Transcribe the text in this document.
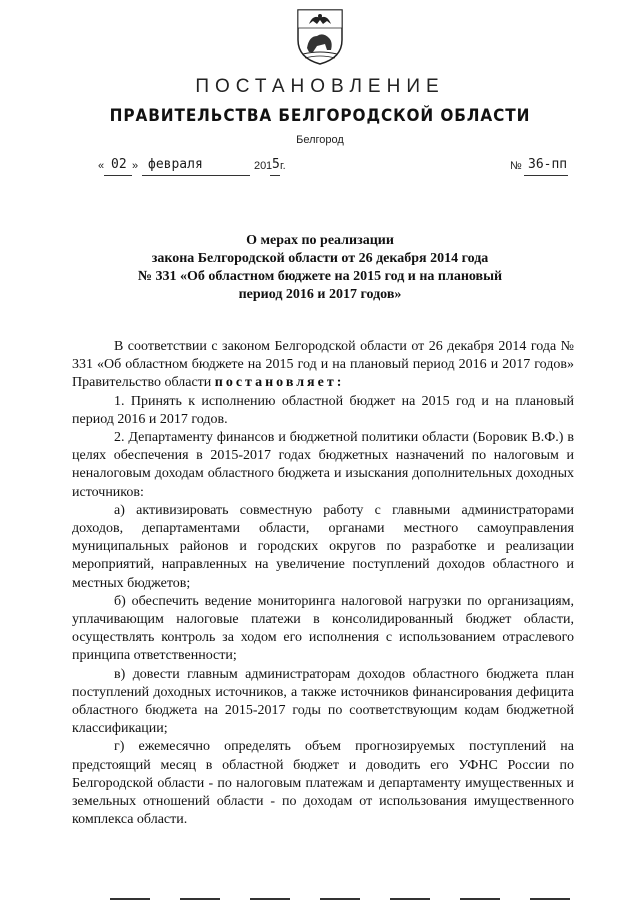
ПОСТАНОВЛЕНИЕ
ПРАВИТЕЛЬСТВА БЕЛГОРОДСКОЙ ОБЛАСТИ
Белгород
« 02 » февраля	20 1 5 г.	№ 36-пп
О мерах по реализации
закона Белгородской области от 26 декабря 2014 года
№ 331 «Об областном бюджете на 2015 год и на плановый
период 2016 и 2017 годов»

В соответствии с законом Белгородской области от 26 декабря 2014 года № 331 «Об областном бюджете на 2015 год и на плановый период 2016 и 2017 годов» Правительство области постановляет:

1. Принять к исполнению областной бюджет на 2015 год и на плановый период 2016 и 2017 годов.

2. Департаменту финансов и бюджетной политики области (Боровик В.Ф.) в целях обеспечения в 2015-2017 годах бюджетных назначений по налоговым и неналоговым доходам областного бюджета и изыскания дополнительных доходных источников:

а) активизировать совместную работу с главными администраторами доходов, департаментами области, органами местного самоуправления муниципальных районов и городских округов по разработке и реализации мероприятий, направленных на увеличение поступлений доходов областного и местных бюджетов;

б) обеспечить ведение мониторинга налоговой нагрузки по организациям, уплачивающим налоговые платежи в консолидированный бюджет области, осуществлять контроль за ходом его исполнения с использованием отраслевого принципа ответственности;

в) довести главным администраторам доходов областного бюджета план поступлений доходных источников, а также источников финансирования дефицита областного бюджета на 2015-2017 годы по соответствующим кодам бюджетной классификации;

г) ежемесячно определять объем прогнозируемых поступлений на предстоящий месяц в областной бюджет и доводить его УФНС России по Белгородской области - по налоговым платежам и департаменту имущественных и земельных отношений области - по доходам от использования имущественного комплекса области.
